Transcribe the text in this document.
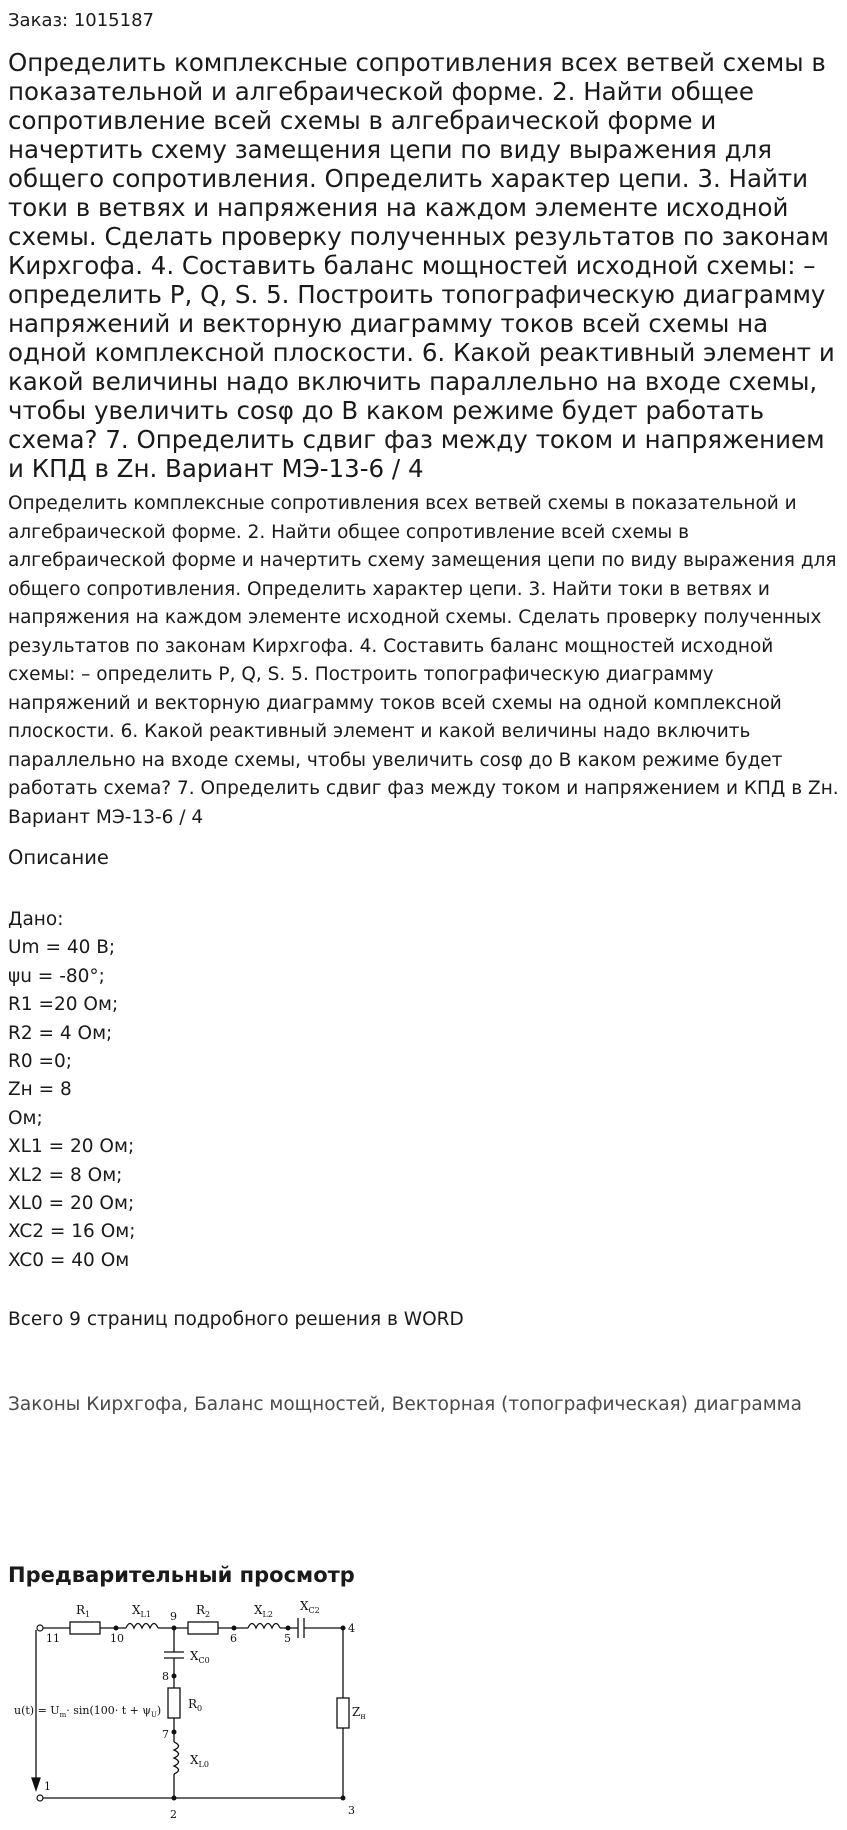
Заказ: 1015187
Определить комплексные сопротивления всех ветвей схемы в показательной и алгебраической форме. 2. Найти общее сопротивление всей схемы в алгебраической форме и начертить схему замещения цепи по виду выражения для общего сопротивления. Определить характер цепи. 3. Найти токи в ветвях и напряжения на каждом элементе исходной схемы. Сделать проверку полученных результатов по законам Кирхгофа. 4. Составить баланс мощностей исходной схемы: – определить P, Q, S. 5. Построить топографическую диаграмму напряжений и векторную диаграмму токов всей схемы на одной комплексной плоскости. 6. Какой реактивный элемент и какой величины надо включить параллельно на входе схемы, чтобы увеличить cosφ до В каком режиме будет работать схема? 7. Определить сдвиг фаз между током и напряжением и КПД в Zн. Вариант МЭ-13-6 / 4

Определить комплексные сопротивления всех ветвей схемы в показательной и алгебраической форме. 2. Найти общее сопротивление всей схемы в алгебраической форме и начертить схему замещения цепи по виду выражения для общего сопротивления. Определить характер цепи. 3. Найти токи в ветвях и напряжения на каждом элементе исходной схемы. Сделать проверку полученных результатов по законам Кирхгофа. 4. Составить баланс мощностей исходной схемы: – определить P, Q, S. 5. Построить топографическую диаграмму напряжений и векторную диаграмму токов всей схемы на одной комплексной плоскости. 6. Какой реактивный элемент и какой величины надо включить параллельно на входе схемы, чтобы увеличить cosφ до В каком режиме будет работать схема? 7. Определить сдвиг фаз между током и напряжением и КПД в Zн. Вариант МЭ-13-6 / 4

Описание
Дано:
Um = 40 В;
ψu = -80°;
R1 =20 Ом;
R2 = 4 Ом;
R0 =0;
Zн = 8
Ом;
XL1 = 20 Ом;
XL2 = 8 Ом;
XL0 = 20 Ом;
XC2 = 16 Ом;
XC0 = 40 Ом
Всего 9 страниц подробного решения в WORD
Законы Кирхгофа, Баланс мощностей, Векторная (топографическая) диаграмма
Предварительный просмотр
$R_1$	$X_{L1}$	$R_2$	$X_{L2}$
$X_{C2}$
$X_{C0}$
$R_0$
$X_{L0}$
$Z_н$
$u(t) = U_m\cdot \sin(100\cdot t + \psi_U)$
1
2	3
4
5
6
7
8
9
10
11
